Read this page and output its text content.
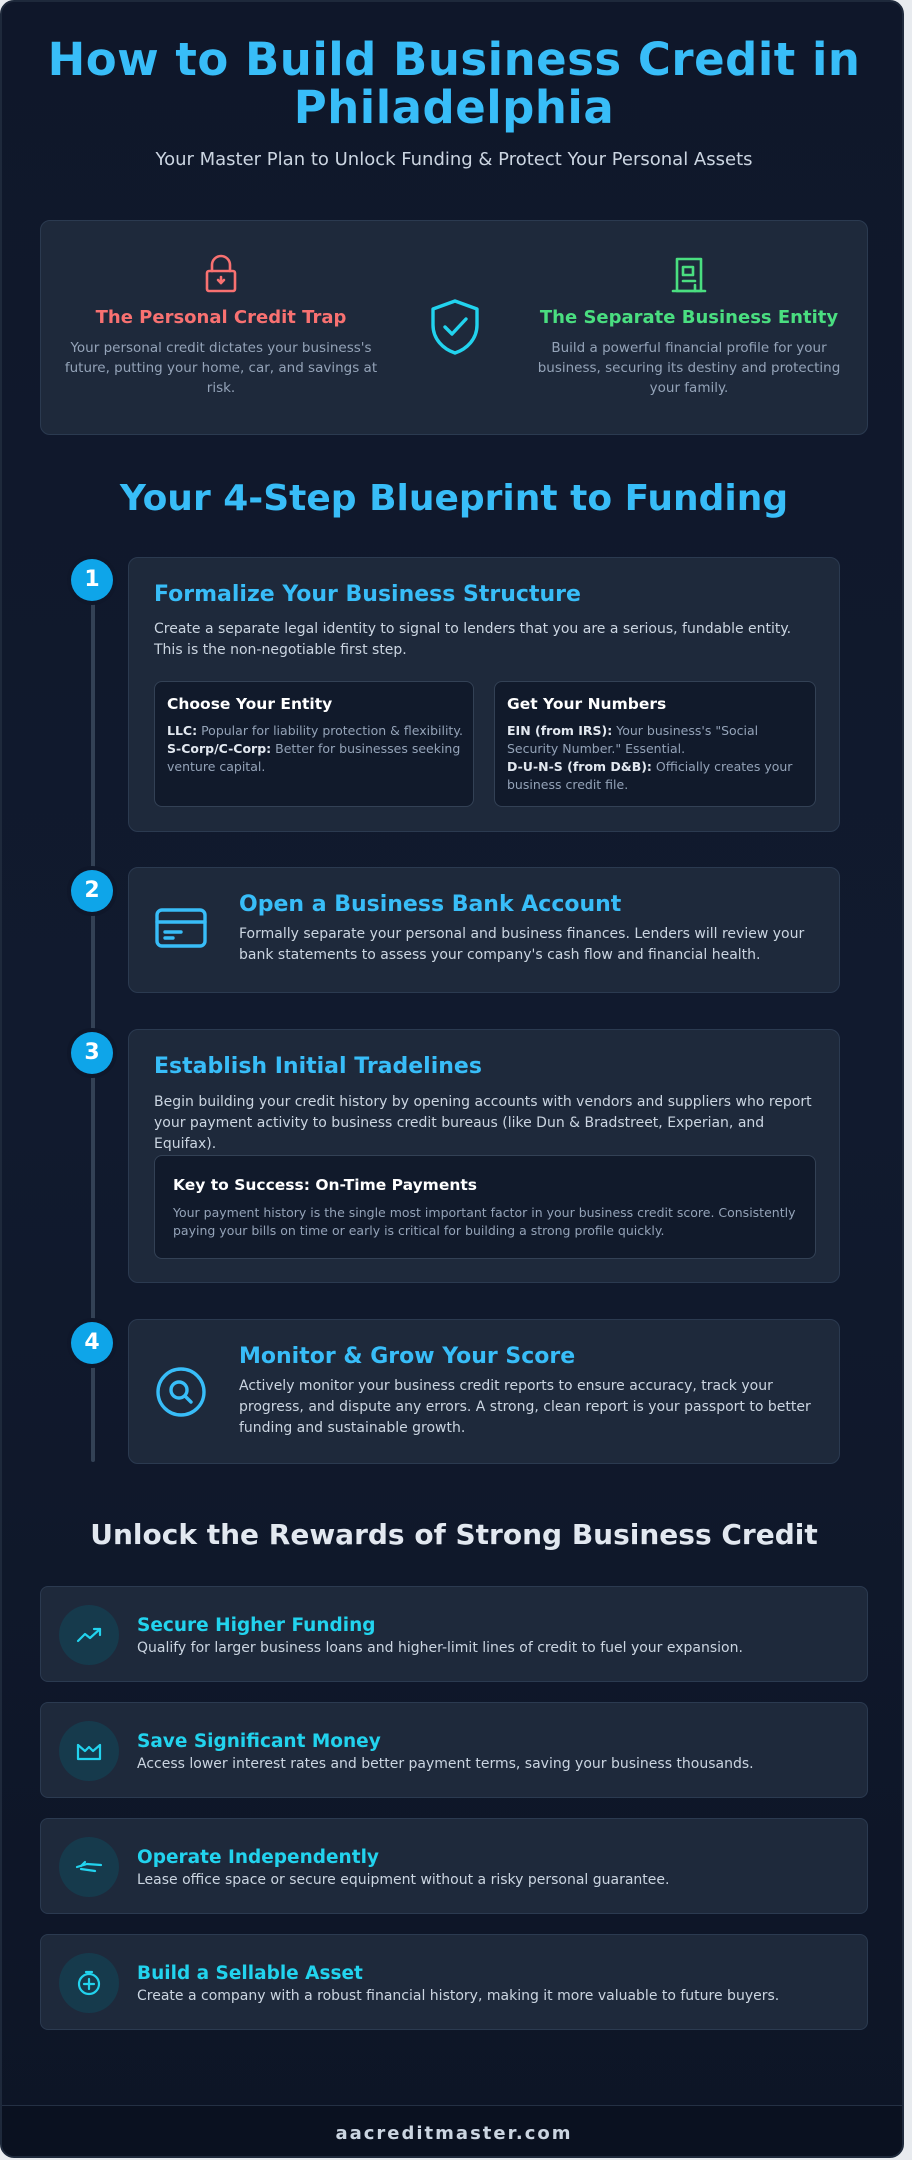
How to Build Business Credit in Philadelphia

Your Master Plan to Unlock Funding & Protect Your Personal Assets

The Personal Credit Trap
Your personal credit dictates your business's future, putting your home, car, and savings at risk.
The Separate Business Entity
Build a powerful financial profile for your business, securing its destiny and protecting your family.
Your 4-Step Blueprint to Funding
1
Formalize Your Business Structure
Create a separate legal identity to signal to lenders that you are a serious, fundable entity. This is the non-negotiable first step.
Choose Your Entity
LLC: Popular for liability protection & flexibility.
S-Corp/C-Corp: Better for businesses seeking venture capital.
Get Your Numbers
EIN (from IRS): Your business's "Social Security Number." Essential.
D-U-N-S (from D&B): Officially creates your business credit file.
2
Open a Business Bank Account
Formally separate your personal and business finances. Lenders will review your bank statements to assess your company's cash flow and financial health.
3
Establish Initial Tradelines
Begin building your credit history by opening accounts with vendors and suppliers who report your payment activity to business credit bureaus (like Dun & Bradstreet, Experian, and Equifax).
Key to Success: On-Time Payments
Your payment history is the single most important factor in your business credit score. Consistently paying your bills on time or early is critical for building a strong profile quickly.
4
Monitor & Grow Your Score
Actively monitor your business credit reports to ensure accuracy, track your progress, and dispute any errors. A strong, clean report is your passport to better funding and sustainable growth.
Unlock the Rewards of Strong Business Credit
Secure Higher Funding
Qualify for larger business loans and higher-limit lines of credit to fuel your expansion.
Save Significant Money
Access lower interest rates and better payment terms, saving your business thousands.
Operate Independently
Lease office space or secure equipment without a risky personal guarantee.
Build a Sellable Asset
Create a company with a robust financial history, making it more valuable to future buyers.
aacreditmaster.com
